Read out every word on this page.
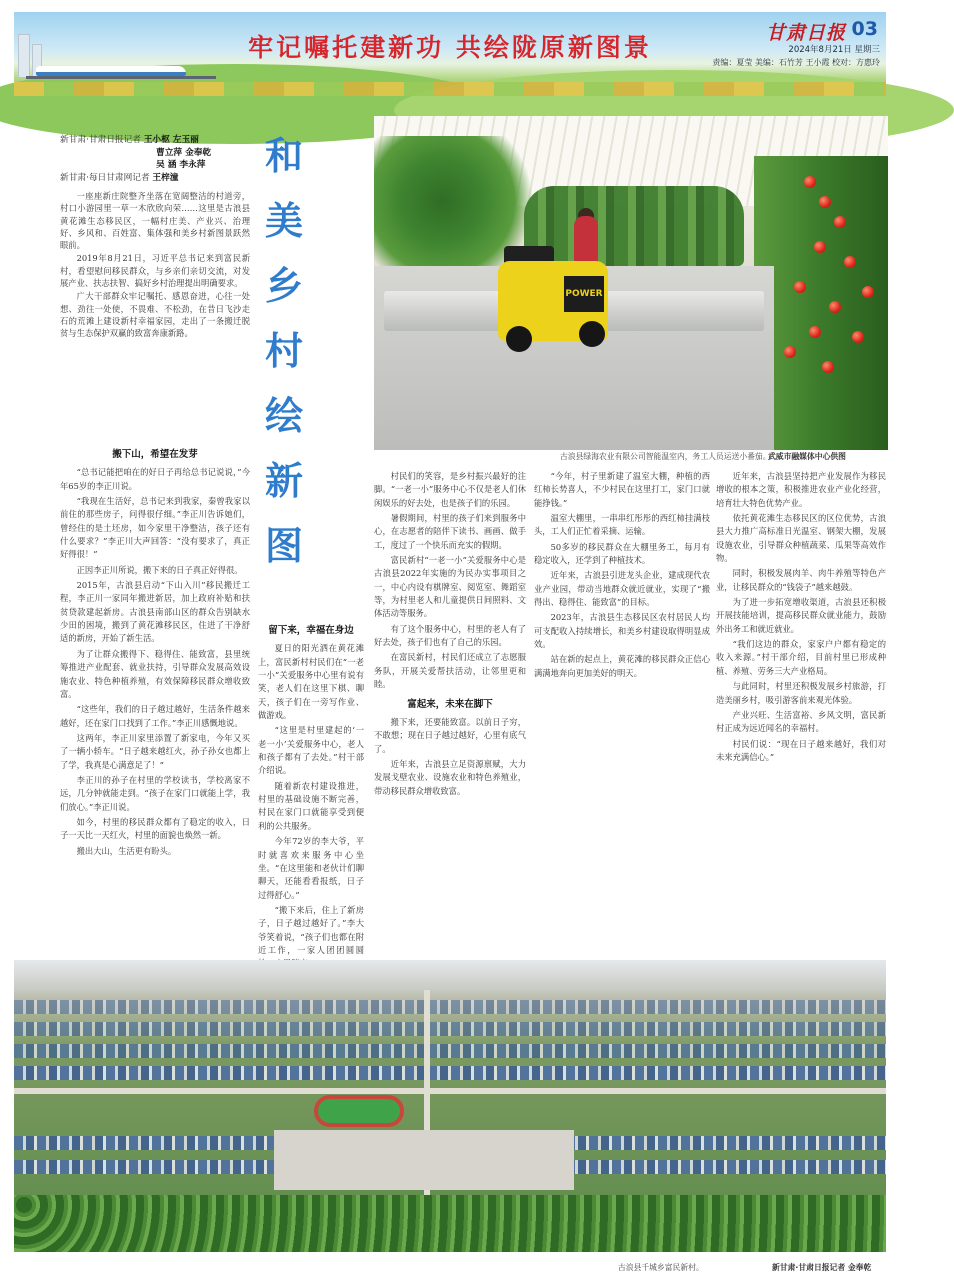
牢记嘱托建新功 共绘陇原新图景	甘肃日报 03
2024年8月21日 星期三
责编：夏莹 美编：石竹芳 王小霞 校对：方惠玲
新甘肃·甘肃日报记者 王小枢 左玉丽
曹立萍 金奉乾
吴 涵 李永萍
新甘肃·每日甘肃网记者 王梓潼

一座座新庄院整齐坐落在宽阔整洁的村道旁，村口小游园里一草一木欣欣向荣……这里是古浪县黄花滩生态移民区，一幅村庄美、产业兴、治理好、乡风和、百姓富、集体强和美乡村新图景跃然眼前。

2019年8月21日，习近平总书记来到富民新村，看望慰问移民群众，与乡亲们亲切交流，对发展产业、扶志扶智、搞好乡村治理提出明确要求。

广大干部群众牢记嘱托、感恩奋进，心往一处想、劲往一处使，不畏难、不松劲，在昔日飞沙走石的荒滩上建设新村幸福家园，走出了一条搬迁脱贫与生态保护双赢的致富奔康新路。

和
美
乡
村
绘
新
图
POWER
古浪县绿海农业有限公司智能温室内，务工人员运送小番茄。
武威市融媒体中心供图
搬下山，希望在发芽

“总书记能把咱在的好日子再给总书记说说，”今年65岁的李正川说。

“我现在生活好，总书记来到我家，秦曾我家以前住的那些房子，问得很仔细。”李正川告诉她们，曾经住的是土坯房，如今家里干净整洁，孩子还有什么要求？”李正川大声回答：“没有要求了，真正好得很！”

正因李正川所说，搬下来的日子真正好得很。

2015年，古浪县启动“下山入川”移民搬迁工程，李正川一家同年搬进新居，加上政府补贴和扶贫贷款建起新房。古浪县南部山区的群众告别缺水少田的困境，搬到了黄花滩移民区，住进了干净舒适的新房，开始了新生活。

为了让群众搬得下、稳得住、能致富，县里统筹推进产业配套、就业扶持，引导群众发展高效设施农业、特色种植养殖，有效保障移民群众增收致富。

“这些年，我们的日子越过越好，生活条件越来越好，还在家门口找到了工作。”李正川感慨地说。

这两年，李正川家里添置了新家电，今年又买了一辆小轿车。“日子越来越红火，孙子孙女也都上了学，我真是心满意足了！”

李正川的孙子在村里的学校读书，学校离家不远，几分钟就能走到。“孩子在家门口就能上学，我们放心。”李正川说。

如今，村里的移民群众都有了稳定的收入，日子一天比一天红火，村里的面貌也焕然一新。

搬出大山，生活更有盼头。

留下来，幸福在身边

夏日的阳光洒在黄花滩上，富民新村村民们在“一老一小”关爱服务中心里有说有笑，老人们在这里下棋、聊天，孩子们在一旁写作业、做游戏。

“这里是村里建起的‘一老一小’关爱服务中心，老人和孩子都有了去处。”村干部介绍说。

随着新农村建设推进，村里的基础设施不断完善，村民在家门口就能享受到便利的公共服务。

今年72岁的李大爷，平时就喜欢来服务中心坐坐。“在这里能和老伙计们聊聊天，还能看看报纸，日子过得舒心。”

“搬下来后，住上了新房子，日子越过越好了。”李大爷笑着说，“孩子们也都在附近工作，一家人团团圆圆

村民们的笑容，是乡村振兴最好的注脚。“一老一小”服务中心不仅是老人们休闲娱乐的好去处，也是孩子们的乐园。

暑假期间，村里的孩子们来到服务中心，在志愿者的陪伴下读书、画画、做手工，度过了一个快乐而充实的假期。

富民新村“一老一小”关爱服务中心是古浪县2022年实施的为民办实事项目之一，中心内设有棋牌室、阅览室、舞蹈室等，为村里老人和儿童提供日间照料、文体活动等服务。

有了这个服务中心，村里的老人有了好去处，孩子们也有了自己的乐园。

在富民新村，村民们还成立了志愿服务队，开展关爱帮扶活动，让邻里更和睦。

富起来，未来在脚下

搬下来，还要能致富。以前日子穷，不敢想；现在日子越过越好，心里有底气了。

近年来，古浪县立足资源禀赋，大力发展戈壁农业、设施农业和特色养殖业，带动移民群众增收致富。

“今年，村子里新建了温室大棚，种植的西红柿长势喜人，不少村民在这里打工，家门口就能挣钱。”

温室大棚里，一串串红彤彤的西红柿挂满枝头，工人们正忙着采摘、运输。

50多岁的移民群众在大棚里务工，每月有稳定收入，还学到了种植技术。

近年来，古浪县引进龙头企业，建成现代农业产业园，带动当地群众就近就业，实现了“搬得出、稳得住、能致富”的目标。

2023年，古浪县生态移民区农村居民人均可支配收入持续增长，和美乡村建设取得明显成效。

站在新的起点上，黄花滩的移民群众正信心满满地奔向更加美好的明天。

近年来，古浪县坚持把产业发展作为移民增收的根本之策，积极推进农业产业化经营，培育壮大特色优势产业。

依托黄花滩生态移民区的区位优势，古浪县大力推广高标准日光温室、钢架大棚，发展设施农业，引导群众种植蔬菜、瓜果等高效作物。

同时，积极发展肉羊、肉牛养殖等特色产业，让移民群众的“钱袋子”越来越鼓。

为了进一步拓宽增收渠道，古浪县还积极开展技能培训，提高移民群众就业能力，鼓励外出务工和就近就业。

“我们这边的群众，家家户户都有稳定的收入来源。”村干部介绍，目前村里已形成种植、养殖、劳务三大产业格局。

与此同时，村里还积极发展乡村旅游，打造美丽乡村，吸引游客前来观光体验。

产业兴旺、生活富裕、乡风文明，富民新村正成为远近闻名的幸福村。

村民们说：“现在日子越来越好，我们对未来充满信心。”

古浪县千城乡富民新村。	新甘肃·甘肃日报记者 金奉乾
